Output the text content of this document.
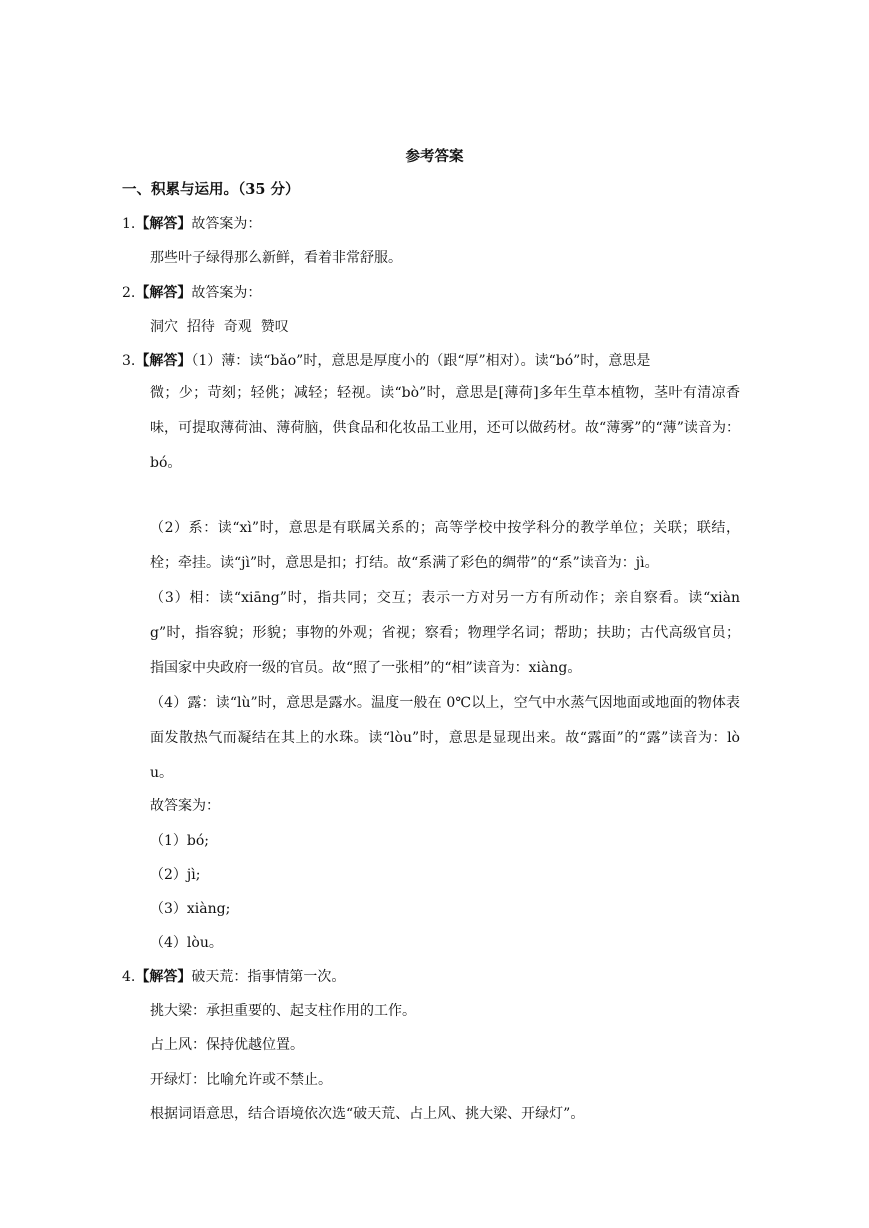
参考答案
一、积累与运用。（35 分）
1.【解答】故答案为：
那些叶子绿得那么新鲜，看着非常舒服。
2.【解答】故答案为：
洞穴  招待  奇观  赞叹
3.【解答】（1）薄：读“bǎo”时，意思是厚度小的（跟“厚”相对）。读“bó”时，意思是
微；少；苛刻；轻佻；减轻；轻视。读“bò”时，意思是[薄荷]多年生草本植物，茎叶有清凉香味，可提取薄荷油、薄荷脑，供食品和化妆品工业用，还可以做药材。故“薄雾”的“薄”读音为：bó。
（2）系：读“xì”时，意思是有联属关系的；高等学校中按学科分的教学单位；关联；联结，栓；牵挂。读“jì”时，意思是扣；打结。故“系满了彩色的绸带”的“系”读音为：jì。
（3）相：读“xiāng”时，指共同；交互；表示一方对另一方有所动作；亲自察看。读“xiàng”时，指容貌；形貌；事物的外观；省视；察看；物理学名词；帮助；扶助；古代高级官员；指国家中央政府一级的官员。故“照了一张相”的“相”读音为：xiàng。
（4）露：读“lù”时，意思是露水。温度一般在 0℃以上，空气中水蒸气因地面或地面的物体表面发散热气而凝结在其上的水珠。读“lòu”时，意思是显现出来。故“露面”的“露”读音为：lòu。
故答案为：
（1）bó;
（2）jì;
（3）xiàng;
（4）lòu。
4.【解答】破天荒：指事情第一次。
挑大梁：承担重要的、起支柱作用的工作。
占上风：保持优越位置。
开绿灯：比喻允许或不禁止。
根据词语意思，结合语境依次选“破天荒、占上风、挑大梁、开绿灯”。
